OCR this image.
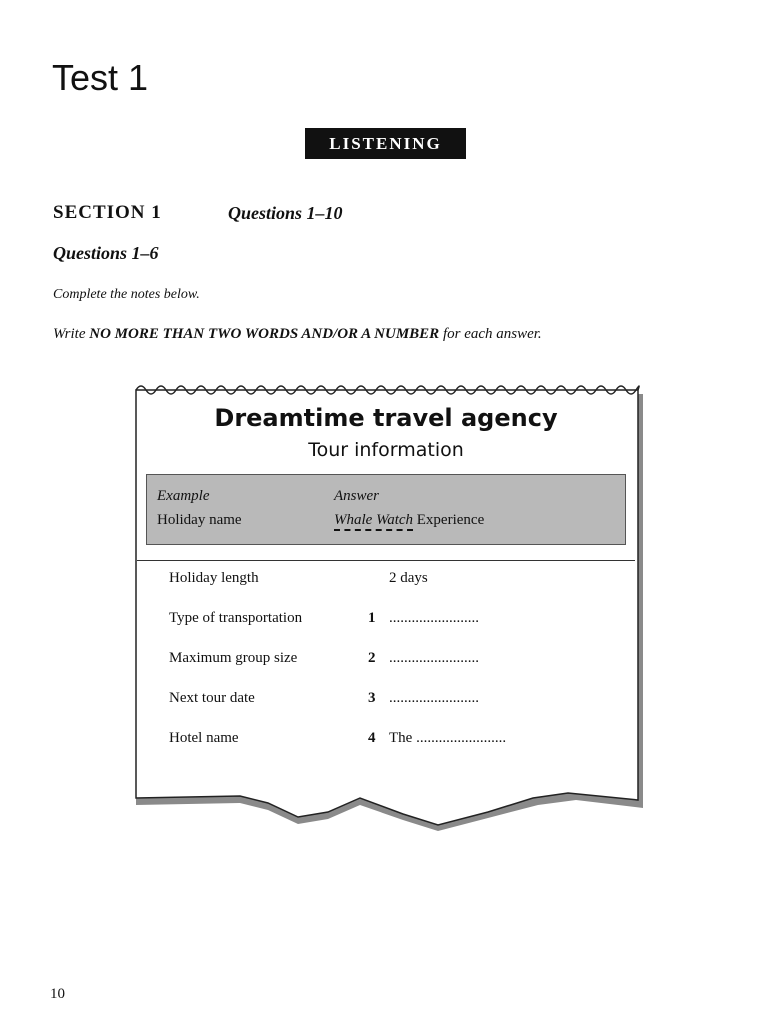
Test 1
LISTENING
SECTION 1	Questions 1–10
Questions 1–6
Complete the notes below.
Write NO MORE THAN TWO WORDS AND/OR A NUMBER for each answer.
Dreamtime travel agency
Tour information
Example	Answer
Holiday name	Whale Watch Experience
Holiday length	2 days
Type of transportation	1 ........................
Maximum group size	2 ........................
Next tour date	3 ........................
Hotel name	4 The ........................
10
